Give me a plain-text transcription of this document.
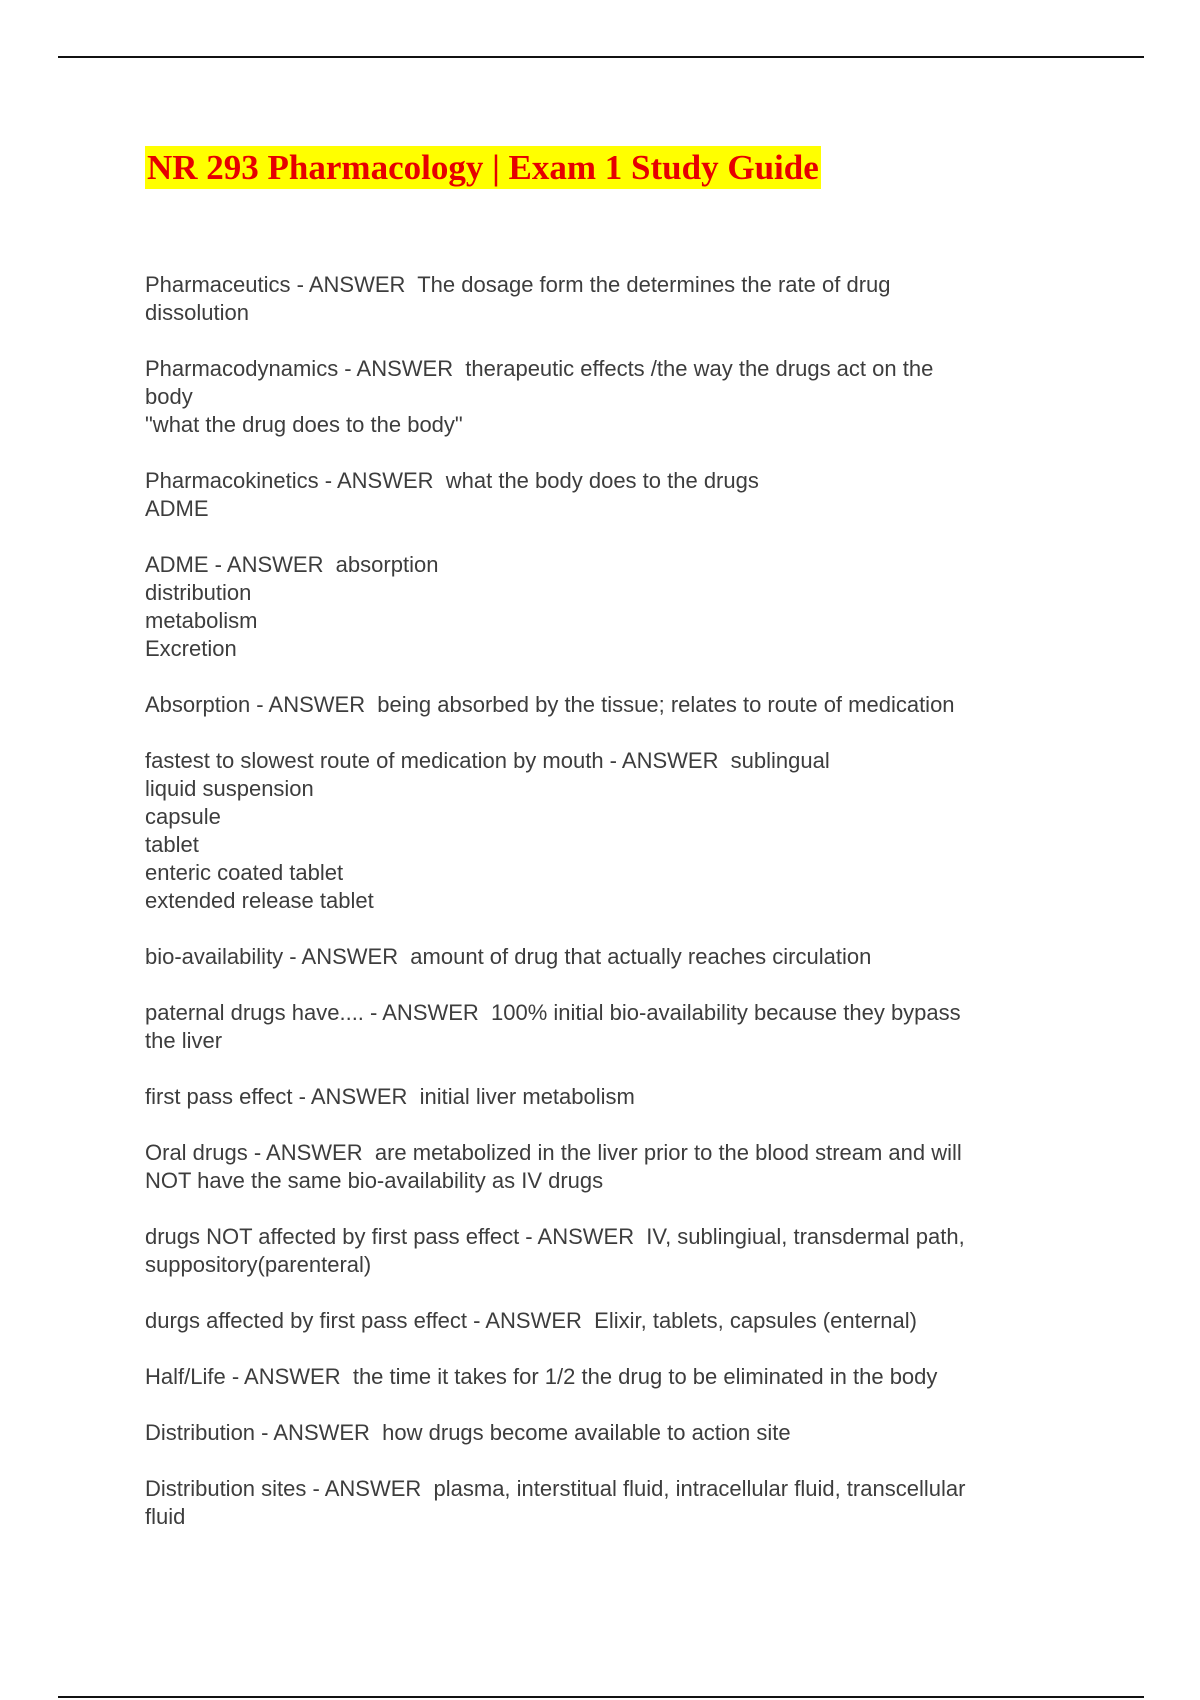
NR 293 Pharmacology | Exam 1 Study Guide
Pharmaceutics - ANSWER  The dosage form the determines the rate of drug
dissolution
Pharmacodynamics - ANSWER  therapeutic effects /the way the drugs act on the
body
"what the drug does to the body"
Pharmacokinetics - ANSWER  what the body does to the drugs
ADME
ADME - ANSWER  absorption
distribution
metabolism
Excretion
Absorption - ANSWER  being absorbed by the tissue; relates to route of medication
fastest to slowest route of medication by mouth - ANSWER  sublingual
liquid suspension
capsule
tablet
enteric coated tablet
extended release tablet
bio-availability - ANSWER  amount of drug that actually reaches circulation
paternal drugs have.... - ANSWER  100% initial bio-availability because they bypass
the liver
first pass effect - ANSWER  initial liver metabolism
Oral drugs - ANSWER  are metabolized in the liver prior to the blood stream and will
NOT have the same bio-availability as IV drugs
drugs NOT affected by first pass effect - ANSWER  IV, sublingiual, transdermal path,
suppository(parenteral)
durgs affected by first pass effect - ANSWER  Elixir, tablets, capsules (enternal)
Half/Life - ANSWER  the time it takes for 1/2 the drug to be eliminated in the body
Distribution - ANSWER  how drugs become available to action site
Distribution sites - ANSWER  plasma, interstitual fluid, intracellular fluid, transcellular
fluid
